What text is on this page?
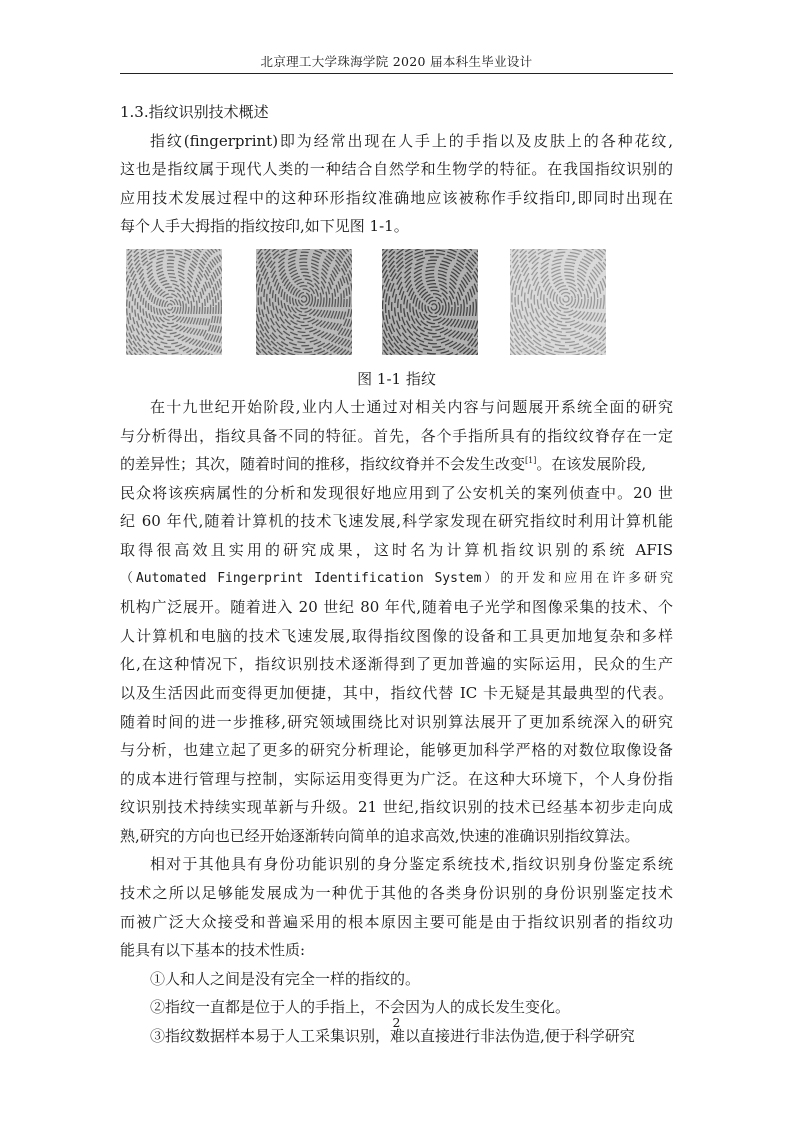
北京理工大学珠海学院 2020 届本科生毕业设计
1.3.指纹识别技术概述
指纹(fingerprint)即为经常出现在人手上的手指以及皮肤上的各种花纹,
这也是指纹属于现代人类的一种结合自然学和生物学的特征。在我国指纹识别的
应用技术发展过程中的这种环形指纹准确地应该被称作手纹指印,即同时出现在
每个人手大拇指的指纹按印,如下见图 1-1。
图 1-1 指纹
在十九世纪开始阶段,业内人士通过对相关内容与问题展开系统全面的研究
与分析得出，指纹具备不同的特征。首先，各个手指所具有的指纹纹脊存在一定
的差异性；其次，随着时间的推移，指纹纹脊并不会发生改变[1]。在该发展阶段,
民众将该疾病属性的分析和发现很好地应用到了公安机关的案列侦查中。20 世
纪 60 年代,随着计算机的技术飞速发展,科学家发现在研究指纹时利用计算机能
取得很高效且实用的研究成果，这时名为计算机指纹识别的系统 AFIS
（Automated Fingerprint Identification System）的开发和应用在许多研究
机构广泛展开。随着进入 20 世纪 80 年代,随着电子光学和图像采集的技术、个
人计算机和电脑的技术飞速发展,取得指纹图像的设备和工具更加地复杂和多样
化,在这种情况下，指纹识别技术逐渐得到了更加普遍的实际运用，民众的生产
以及生活因此而变得更加便捷，其中，指纹代替 IC 卡无疑是其最典型的代表。
随着时间的进一步推移,研究领域围绕比对识别算法展开了更加系统深入的研究
与分析，也建立起了更多的研究分析理论，能够更加科学严格的对数位取像设备
的成本进行管理与控制，实际运用变得更为广泛。在这种大环境下，个人身份指
纹识别技术持续实现革新与升级。21 世纪,指纹识别的技术已经基本初步走向成
熟,研究的方向也已经开始逐渐转向简单的追求高效,快速的准确识别指纹算法。
相对于其他具有身份功能识别的身分鉴定系统技术,指纹识别身份鉴定系统
技术之所以足够能发展成为一种优于其他的各类身份识别的身份识别鉴定技术
而被广泛大众接受和普遍采用的根本原因主要可能是由于指纹识别者的指纹功
能具有以下基本的技术性质:
①人和人之间是没有完全一样的指纹的。
②指纹一直都是位于人的手指上，不会因为人的成长发生变化。
③指纹数据样本易于人工采集识别，难以直接进行非法伪造,便于科学研究
2
